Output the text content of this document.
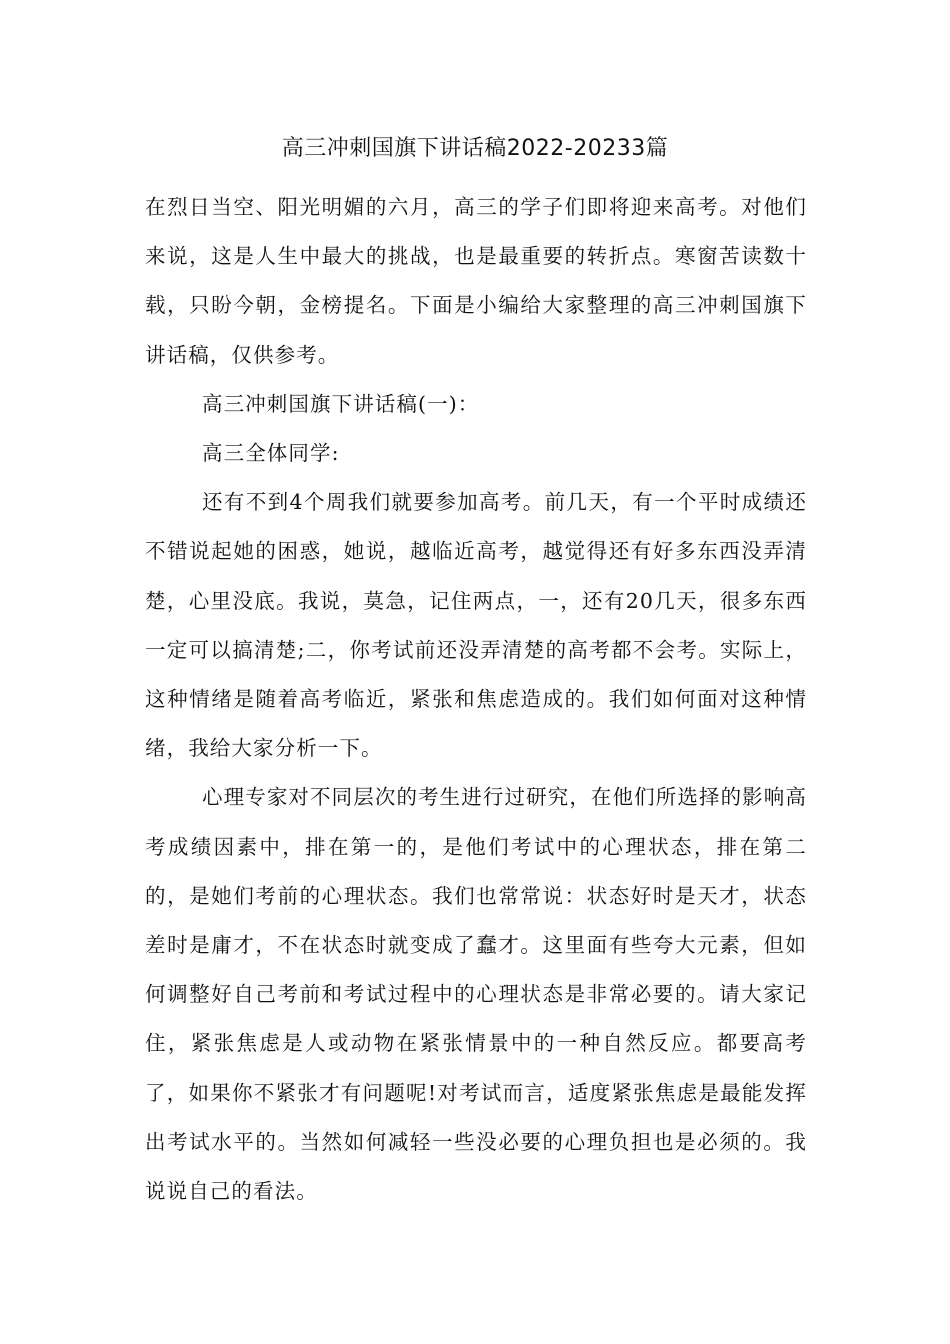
高三冲刺国旗下讲话稿2022-20233篇

在烈日当空、阳光明媚的六月，高三的学子们即将迎来高考。对他们来说，这是人生中最大的挑战，也是最重要的转折点。寒窗苦读数十载，只盼今朝，金榜提名。下面是小编给大家整理的高三冲刺国旗下讲话稿，仅供参考。

高三冲刺国旗下讲话稿(一)：

高三全体同学:

还有不到4个周我们就要参加高考。前几天，有一个平时成绩还不错说起她的困惑，她说，越临近高考，越觉得还有好多东西没弄清楚，心里没底。我说，莫急，记住两点，一，还有20几天，很多东西一定可以搞清楚;二，你考试前还没弄清楚的高考都不会考。实际上， 这种情绪是随着高考临近，紧张和焦虑造成的。我们如何面对这种情绪，我给大家分析一下。

心理专家对不同层次的考生进行过研究，在他们所选择的影响高考成绩因素中，排在第一的，是他们考试中的心理状态，排在第二的，是她们考前的心理状态。我们也常常说：状态好时是天才，状态差时是庸才，不在状态时就变成了蠢才。这里面有些夸大元素，但如何调整好自己考前和考试过程中的心理状态是非常必要的。请大家记住，紧张焦虑是人或动物在紧张情景中的一种自然反应。都要高考了，如果你不紧张才有问题呢!对考试而言，适度紧张焦虑是最能发挥出考试水平的。当然如何减轻一些没必要的心理负担也是必须的。我说说自己的看法。
